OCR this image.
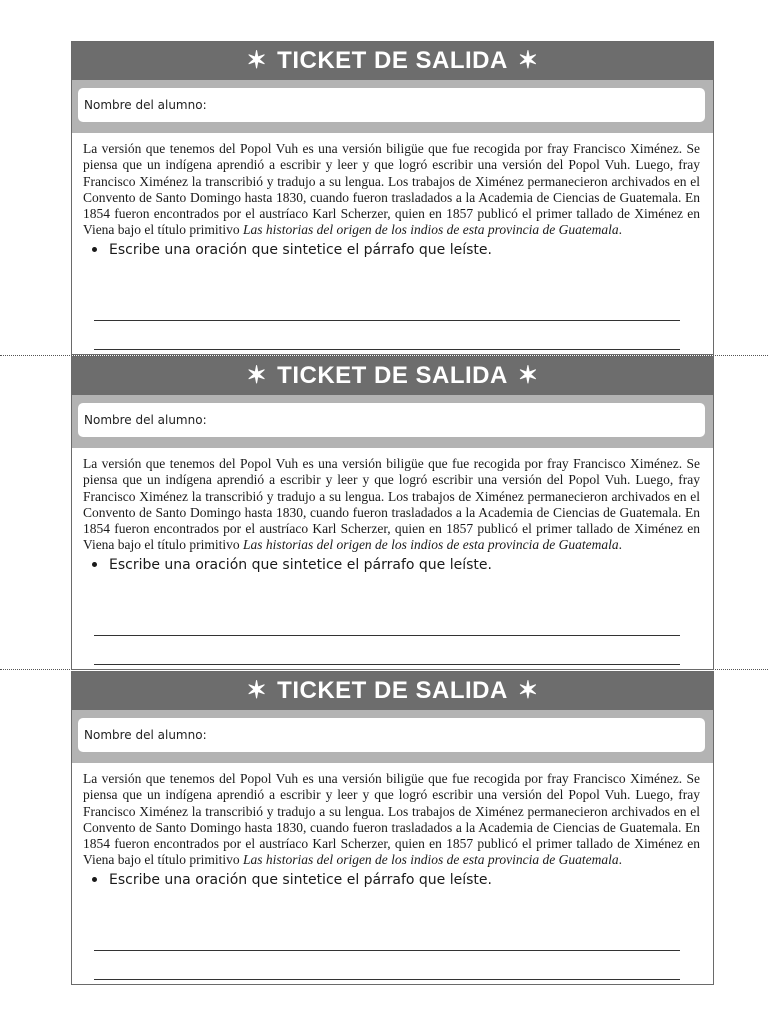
✶ TICKET DE SALIDA ✶
Nombre del alumno:

La versión que tenemos del Popol Vuh es una versión biligüe que fue recogida por fray Francisco Ximénez. Se piensa que un indígena aprendió a escribir y leer y que logró escribir una versión del Popol Vuh. Luego, fray Francisco Ximénez la transcribió y tradujo a su lengua. Los trabajos de Ximénez permanecieron archivados en el Convento de Santo Domingo hasta 1830, cuando fueron trasladados a la Academia de Ciencias de Guatemala. En 1854 fueron encontrados por el austríaco Karl Scherzer, quien en 1857 publicó el primer tallado de Ximénez en Viena bajo el título primitivo Las historias del origen de los indios de esta provincia de Guatemala.

Escribe una oración que sintetice el párrafo que leíste.
✶ TICKET DE SALIDA ✶
Nombre del alumno:

La versión que tenemos del Popol Vuh es una versión biligüe que fue recogida por fray Francisco Ximénez. Se piensa que un indígena aprendió a escribir y leer y que logró escribir una versión del Popol Vuh. Luego, fray Francisco Ximénez la transcribió y tradujo a su lengua. Los trabajos de Ximénez permanecieron archivados en el Convento de Santo Domingo hasta 1830, cuando fueron trasladados a la Academia de Ciencias de Guatemala. En 1854 fueron encontrados por el austríaco Karl Scherzer, quien en 1857 publicó el primer tallado de Ximénez en Viena bajo el título primitivo Las historias del origen de los indios de esta provincia de Guatemala.

Escribe una oración que sintetice el párrafo que leíste.
✶ TICKET DE SALIDA ✶
Nombre del alumno:

La versión que tenemos del Popol Vuh es una versión biligüe que fue recogida por fray Francisco Ximénez. Se piensa que un indígena aprendió a escribir y leer y que logró escribir una versión del Popol Vuh. Luego, fray Francisco Ximénez la transcribió y tradujo a su lengua. Los trabajos de Ximénez permanecieron archivados en el Convento de Santo Domingo hasta 1830, cuando fueron trasladados a la Academia de Ciencias de Guatemala. En 1854 fueron encontrados por el austríaco Karl Scherzer, quien en 1857 publicó el primer tallado de Ximénez en Viena bajo el título primitivo Las historias del origen de los indios de esta provincia de Guatemala.

Escribe una oración que sintetice el párrafo que leíste.
